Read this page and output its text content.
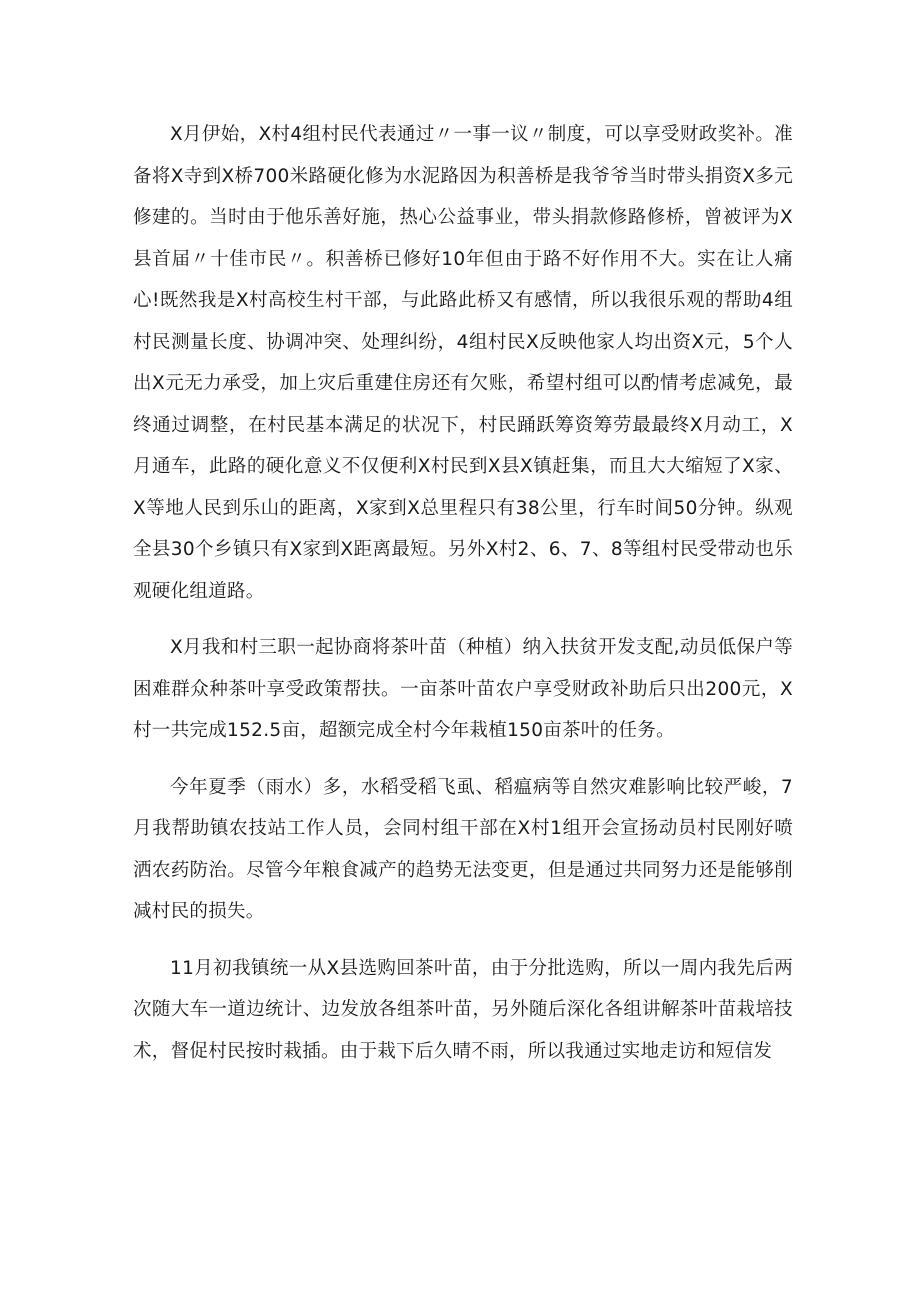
X月伊始，X村4组村民代表通过〃一事一议〃制度，可以享受财政奖补。准备将X寺到X桥700米路硬化修为水泥路因为积善桥是我爷爷当时带头捐资X多元修建的。当时由于他乐善好施，热心公益事业，带头捐款修路修桥，曾被评为X县首届〃十佳市民〃。积善桥已修好10年但由于路不好作用不大。实在让人痛心!既然我是X村高校生村干部，与此路此桥又有感情，所以我很乐观的帮助4组村民测量长度、协调冲突、处理纠纷，4组村民X反映他家人均出资X元，5个人出X元无力承受，加上灾后重建住房还有欠账，希望村组可以酌情考虑减免，最终通过调整，在村民基本满足的状况下，村民踊跃筹资筹劳最最终X月动工，X月通车，此路的硬化意义不仅便利X村民到X县X镇赶集，而且大大缩短了X家、X等地人民到乐山的距离，X家到X总里程只有38公里，行车时间50分钟。纵观全县30个乡镇只有X家到X距离最短。另外X村2、6、7、8等组村民受带动也乐观硬化组道路。

X月我和村三职一起协商将茶叶苗（种植）纳入扶贫开发支配,动员低保户等困难群众种茶叶享受政策帮扶。一亩茶叶苗农户享受财政补助后只出200元，X村一共完成152.5亩，超额完成全村今年栽植150亩茶叶的任务。

今年夏季（雨水）多，水稻受稻飞虱、稻瘟病等自然灾难影响比较严峻，7月我帮助镇农技站工作人员，会同村组干部在X村1组开会宣扬动员村民刚好喷洒农药防治。尽管今年粮食减产的趋势无法变更，但是通过共同努力还是能够削减村民的损失。

11月初我镇统一从X县选购回茶叶苗，由于分批选购，所以一周内我先后两次随大车一道边统计、边发放各组茶叶苗，另外随后深化各组讲解茶叶苗栽培技术，督促村民按时栽插。由于栽下后久晴不雨，所以我通过实地走访和短信发
